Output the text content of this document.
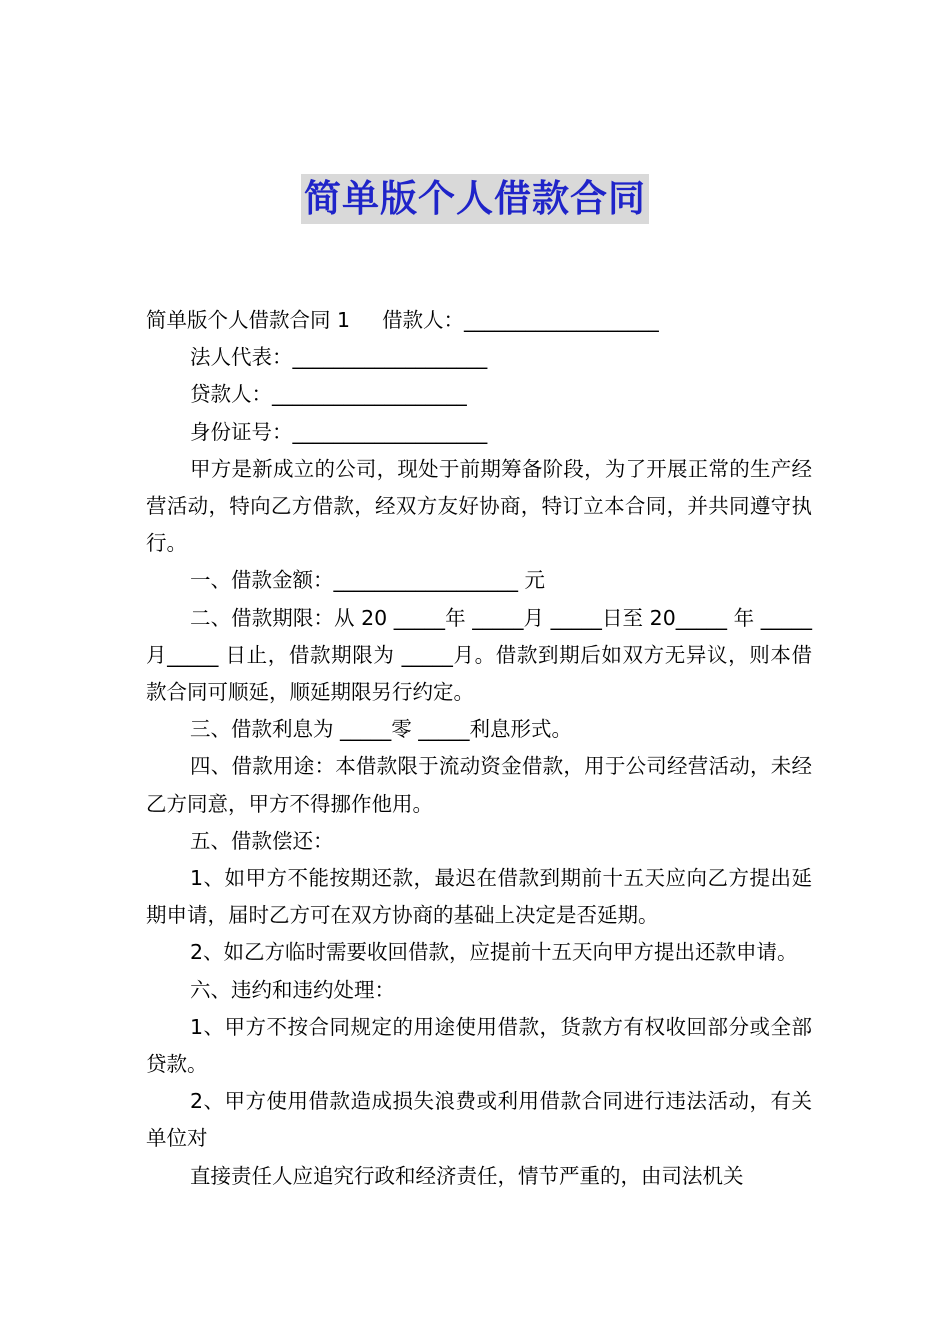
简单版个人借款合同

简单版个人借款合同 1 借款人：___________________

法人代表：___________________

贷款人：___________________

身份证号：___________________

甲方是新成立的公司，现处于前期筹备阶段，为了开展正常的生产经营活动，特向乙方借款，经双方友好协商，特订立本合同，并共同遵守执行。

一、借款金额：__________________ 元

二、借款期限：从 20 _____年 _____月 _____日至 20_____ 年 _____月_____ 日止，借款期限为 _____月。借款到期后如双方无异议，则本借款合同可顺延，顺延期限另行约定。

三、借款利息为 _____零 _____利息形式。

四、借款用途：本借款限于流动资金借款，用于公司经营活动，未经乙方同意，甲方不得挪作他用。

五、借款偿还：

1、如甲方不能按期还款，最迟在借款到期前十五天应向乙方提出延期申请，届时乙方可在双方协商的基础上决定是否延期。

2、如乙方临时需要收回借款，应提前十五天向甲方提出还款申请。

六、违约和违约处理：

1、甲方不按合同规定的用途使用借款，货款方有权收回部分或全部贷款。

2、甲方使用借款造成损失浪费或利用借款合同进行违法活动，有关单位对

直接责任人应追究行政和经济责任，情节严重的，由司法机关
